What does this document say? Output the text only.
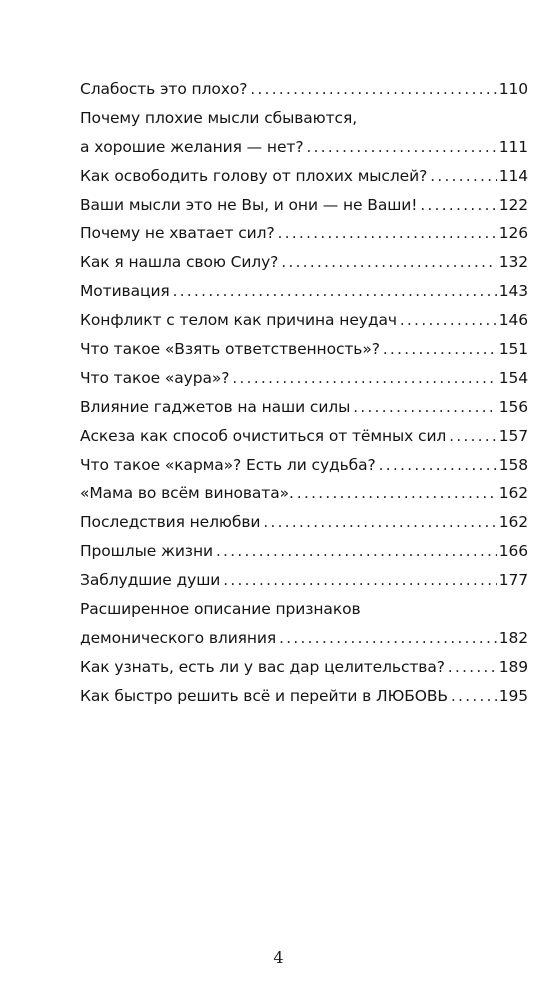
Слабость это плохо? . . .	110
Почему плохие мысли сбываются,
а хорошие желания — нет? . . .	111
Как освободить голову от плохих мыслей? . . .	114
Ваши мысли это не Вы, и они — не Ваши! . . .	122
Почему не хватает сил? . . .	126
Как я нашла свою Силу? . . .	132
Мотивация . . .	143
Конфликт с телом как причина неудач . . .	146
Что такое «Взять ответственность»? . . .	151
Что такое «аура»? . . .	154
Влияние гаджетов на наши силы . . .	156
Аскеза как способ очиститься от тёмных сил . . .	157
Что такое «карма»? Есть ли судьба? . . .	158
«Мама во всём виновата». . . .	162
Последствия нелюбви . . .	162
Прошлые жизни . . .	166
Заблудшие души . . .	177
Расширенное описание признаков
демонического влияния . . .	182
Как узнать, есть ли у вас дар целительства? . . .	189
Как быстро решить всё и перейти в ЛЮБОВЬ . . .	195
4
